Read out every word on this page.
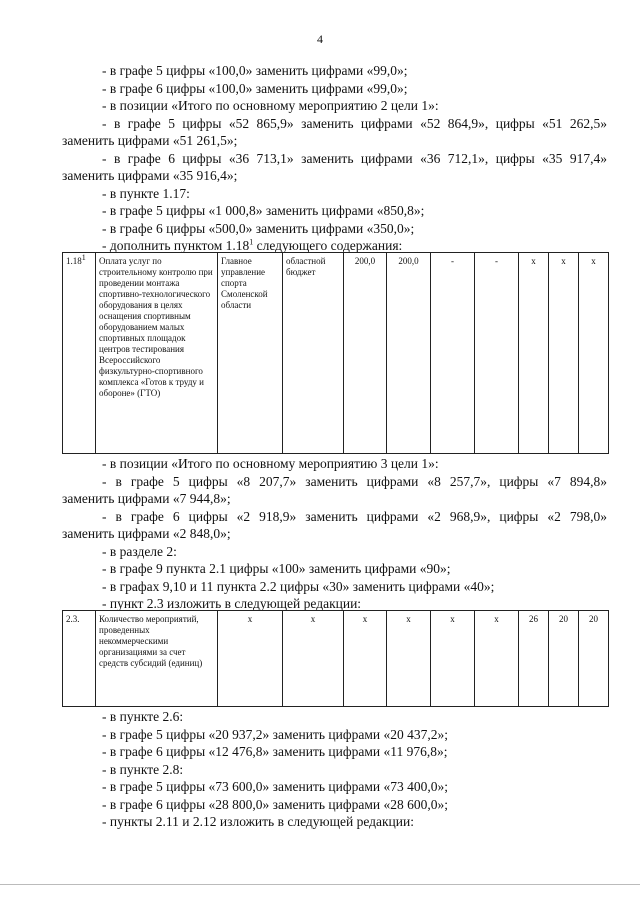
4
- в графе 5 цифры «100,0» заменить цифрами «99,0»;
- в графе 6 цифры «100,0» заменить цифрами «99,0»;
- в позиции «Итого по основному мероприятию 2 цели 1»:
- в графе 5 цифры «52 865,9» заменить цифрами «52 864,9», цифры «51 262,5»
заменить цифрами «51 261,5»;
- в графе 6 цифры «36 713,1» заменить цифрами «36 712,1», цифры «35 917,4»
заменить цифрами «35 916,4»;
- в пункте 1.17:
- в графе 5 цифры «1 000,8» заменить цифрами «850,8»;
- в графе 6 цифры «500,0» заменить цифрами «350,0»;
- дополнить пунктом 1.18$^1$ следующего содержания:
1.18$^1$	Оплата услуг по строительному контролю при проведении монтажа спортивно-технологического оборудования в целях оснащения спортивным оборудованием малых спортивных площадок центров тестирования Всероссийского физкультурно-спортивного комплекса «Готов к труду и обороне» (ГТО)	Главное управление спорта Смоленской области	областной бюджет	200,0	200,0	-	-	х	х	х
- в позиции «Итого по основному мероприятию 3 цели 1»:
- в графе 5 цифры «8 207,7» заменить цифрами «8 257,7», цифры «7 894,8»
заменить цифрами «7 944,8»;
- в графе 6 цифры «2 918,9» заменить цифрами «2 968,9», цифры «2 798,0»
заменить цифрами «2 848,0»;
- в разделе 2:
- в графе 9 пункта 2.1 цифры «100» заменить цифрами «90»;
- в графах 9,10 и 11 пункта 2.2 цифры «30» заменить цифрами «40»;
- пункт 2.3 изложить в следующей редакции:
2.3.	Количество мероприятий, проведенных некоммерческими организациями за счет средств субсидий (единиц)	х	х	х	х	х	х	26	20	20
- в пункте 2.6:
- в графе 5 цифры «20 937,2» заменить цифрами «20 437,2»;
- в графе 6 цифры «12 476,8» заменить цифрами «11 976,8»;
- в пункте 2.8:
- в графе 5 цифры «73 600,0» заменить цифрами «73 400,0»;
- в графе 6 цифры «28 800,0» заменить цифрами «28 600,0»;
- пункты 2.11 и 2.12 изложить в следующей редакции:
